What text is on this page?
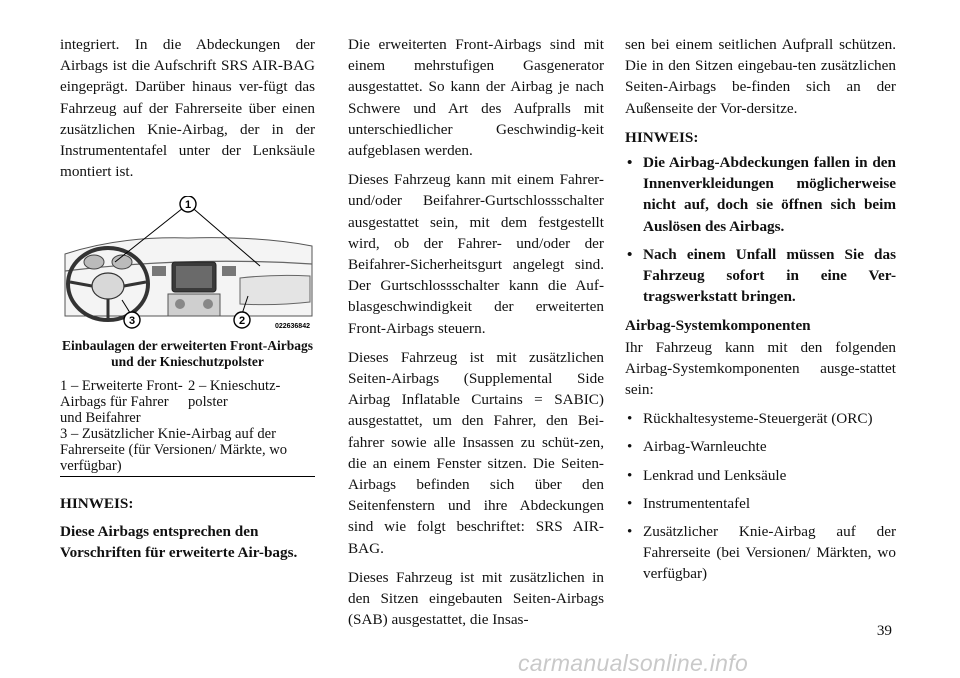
integriert. In die Abdeckungen der Airbags ist die Aufschrift SRS AIR-BAG eingeprägt. Darüber hinaus ver-fügt das Fahrzeug auf der Fahrerseite über einen zusätzlichen Knie-Airbag, der in der Instrumententafel unter der Lenksäule montiert ist.

1
2
3	022636842
Einbaulagen der erweiterten Front-Airbags und der Knieschutzpolster
1 – Erweiterte Front-Airbags für Fahrer und Beifahrer
2 – Knieschutz-polster
3 – Zusätzlicher Knie-Airbag auf der Fahrerseite (für Versionen/ Märkte, wo verfügbar)
HINWEIS:

Diese Airbags entsprechen den Vorschriften für erweiterte Air-bags.

Die erweiterten Front-Airbags sind mit einem mehrstufigen Gasgenerator ausgestattet. So kann der Airbag je nach Schwere und Art des Aufpralls mit unterschiedlicher Geschwindig-keit aufgeblasen werden.

Dieses Fahrzeug kann mit einem Fahrer- und/oder Beifahrer-Gurtschlossschalter ausgestattet sein, mit dem festgestellt wird, ob der Fahrer- und/oder der Beifahrer-Sicherheitsgurt angelegt sind. Der Gurtschlossschalter kann die Auf-blasgeschwindigkeit der erweiterten Front-Airbags steuern.

Dieses Fahrzeug ist mit zusätzlichen Seiten-Airbags (Supplemental Side Airbag Inflatable Curtains = SABIC) ausgestattet, um den Fahrer, den Bei-fahrer sowie alle Insassen zu schüt-zen, die an einem Fenster sitzen. Die Seiten-Airbags befinden sich über den Seitenfenstern und ihre Abdeckungen sind wie folgt beschriftet: SRS AIR-BAG.

Dieses Fahrzeug ist mit zusätzlichen in den Sitzen eingebauten Seiten-Airbags (SAB) ausgestattet, die Insas-

sen bei einem seitlichen Aufprall schützen. Die in den Sitzen eingebau-ten zusätzlichen Seiten-Airbags be-finden sich an der Außenseite der Vor-dersitze.

HINWEIS:
• Die Airbag-Abdeckungen fallen in den Innenverkleidungen möglicherweise nicht auf, doch sie öffnen sich beim Auslösen des Airbags.
• Nach einem Unfall müssen Sie das Fahrzeug sofort in eine Ver-tragswerkstatt bringen.
Airbag-Systemkomponenten

Ihr Fahrzeug kann mit den folgenden Airbag-Systemkomponenten ausge-stattet sein:

• Rückhaltesysteme-Steuergerät (ORC)
• Airbag-Warnleuchte
• Lenkrad und Lenksäule
• Instrumententafel
• Zusätzlicher Knie-Airbag auf der Fahrerseite (bei Versionen/ Märkten, wo verfügbar)
39
carmanualsonline.info
